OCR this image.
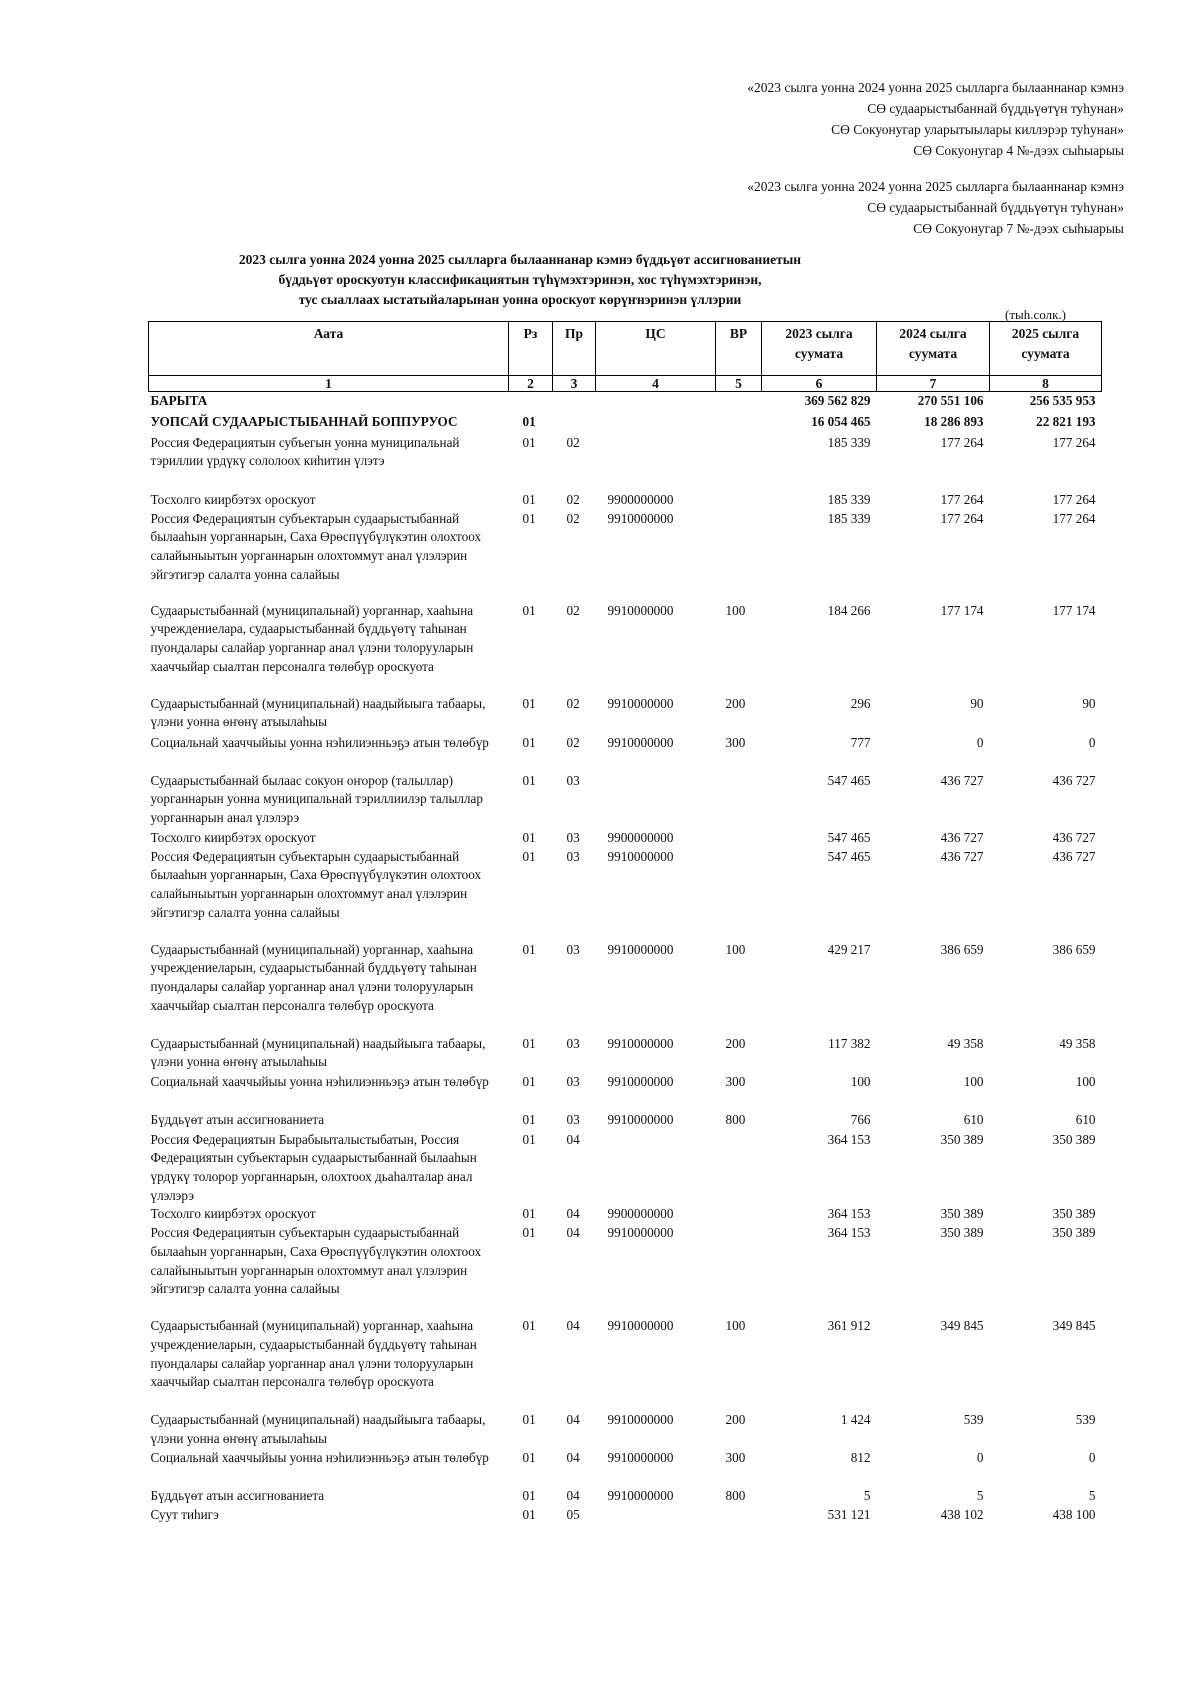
«2023 сылга уонна 2024 уонна 2025 сылларга былааннанар кэмнэ
СӨ судаарыстыбаннай бүддьүөтүн туһунан»
СӨ Сокуонугар уларытыылары киллэрэр туһунан»
СӨ Сокуонугар 4 №-дээх сыһыарыы
«2023 сылга уонна 2024 уонна 2025 сылларга былааннанар кэмнэ
СӨ судаарыстыбаннай бүддьүөтүн туһунан»
СӨ Сокуонугар 7 №-дээх сыһыарыы
2023 сылга уонна 2024 уонна 2025 сылларга былааннанар кэмнэ бүддьүөт ассигнованиетын
бүддьүөт ороскуотун классификациятын түһүмэхтэринэн, хос түһүмэхтэринэн,
тус сыаллаах ыстатыйаларынан уонна ороскуот көрүҥнэринэн үллэрии
(тыһ.солк.)
Аата	Рз	Пр	ЦС	ВР	2023 сылга суумата	2024 сылга суумата	2025 сылга суумата
1	2	3	4	5	6	7	8
БАРЫТА					369 562 829	270 551 106	256 535 953
УОПСАЙ СУДААРЫСТЫБАННАЙ БОППУРУОС	01				16 054 465	18 286 893	22 821 193
Россия Федерациятын субъегын уонна муниципальнай тэриллии үрдүкү сололоох киһитин үлэтэ	01	02			185 339	177 264	177 264
Тосхолго киирбэтэх ороскуот	01	02	9900000000		185 339	177 264	177 264
Россия Федерациятын субъектарын судаарыстыбаннай былааһын уорганнарын, Саха Өрөспүүбүлүкэтин олохтоох салайыныытын уорганнарын олохтоммут анал үлэлэрин эйгэтигэр салалта уонна салайыы	01	02	9910000000		185 339	177 264	177 264
Судаарыстыбаннай (муниципальнай) уорганнар, хааһына учреждениелара, судаарыстыбаннай бүддьүөтү таһынан пуондалары салайар уорганнар анал үлэни толорууларын хааччыйар сыалтан персоналга төлөбүр ороскуота	01	02	9910000000	100	184 266	177 174	177 174
Судаарыстыбаннай (муниципальнай) наадыйыыга табаары, үлэни уонна өҥөнү атыылаһыы	01	02	9910000000	200	296	90	90
Социальнай хааччыйыы уонна нэһилиэнньэҕэ атын төлөбүр	01	02	9910000000	300	777	0	0
Судаарыстыбаннай былаас сокуон оҥорор (талыллар) уорганнарын уонна муниципальнай тэриллиилэр талыллар уорганнарын анал үлэлэрэ	01	03			547 465	436 727	436 727
Тосхолго киирбэтэх ороскуот	01	03	9900000000		547 465	436 727	436 727
Россия Федерациятын субъектарын судаарыстыбаннай былааһын уорганнарын, Саха Өрөспүүбүлүкэтин олохтоох салайыныытын уорганнарын олохтоммут анал үлэлэрин эйгэтигэр салалта уонна салайыы	01	03	9910000000		547 465	436 727	436 727
Судаарыстыбаннай (муниципальнай) уорганнар, хааһына учреждениеларын, судаарыстыбаннай бүддьүөтү таһынан пуондалары салайар уорганнар анал үлэни толорууларын хааччыйар сыалтан персоналга төлөбүр ороскуота	01	03	9910000000	100	429 217	386 659	386 659
Судаарыстыбаннай (муниципальнай) наадыйыыга табаары, үлэни уонна өҥөнү атыылаһыы	01	03	9910000000	200	117 382	49 358	49 358
Социальнай хааччыйыы уонна нэһилиэнньэҕэ атын төлөбүр	01	03	9910000000	300	100	100	100
Бүддьүөт атын ассигнованиета	01	03	9910000000	800	766	610	610
Россия Федерациятын Бырабыыталыстыбатын, Россия Федерациятын субъектарын судаарыстыбаннай былааһын үрдүкү толорор уорганнарын, олохтоох дьаһалталар анал үлэлэрэ	01	04			364 153	350 389	350 389
Тосхолго киирбэтэх ороскуот	01	04	9900000000		364 153	350 389	350 389
Россия Федерациятын субъектарын судаарыстыбаннай былааһын уорганнарын, Саха Өрөспүүбүлүкэтин олохтоох салайыныытын уорганнарын олохтоммут анал үлэлэрин эйгэтигэр салалта уонна салайыы	01	04	9910000000		364 153	350 389	350 389
Судаарыстыбаннай (муниципальнай) уорганнар, хааһына учреждениеларын, судаарыстыбаннай бүддьүөтү таһынан пуондалары салайар уорганнар анал үлэни толорууларын хааччыйар сыалтан персоналга төлөбүр ороскуота	01	04	9910000000	100	361 912	349 845	349 845
Судаарыстыбаннай (муниципальнай) наадыйыыга табаары, үлэни уонна өҥөнү атыылаһыы	01	04	9910000000	200	1 424	539	539
Социальнай хааччыйыы уонна нэһилиэнньэҕэ атын төлөбүр	01	04	9910000000	300	812	0	0
Бүддьүөт атын ассигнованиета	01	04	9910000000	800	5	5	5
Суут тиһигэ	01	05			531 121	438 102	438 100
